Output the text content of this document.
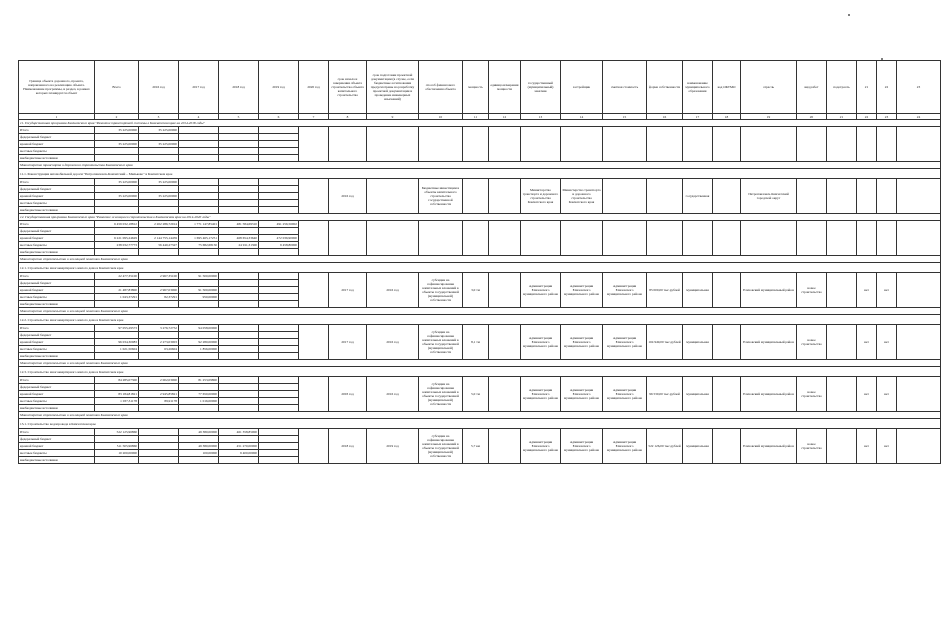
Граница объекта дорожного, проекта, направленного на реализацию объекта. Наименование программы, и раздел, в рамках которых планируется объект	Всего	2016 год	2017 год	2018 год	2019 год	2020 год	срок начала и завершения объекта строительства объекта капитального строительства	срок подготовки проектной документации (в случае, если бюджетные ассигнования предусмотрены на разработку проектной документации и проведение инженерных изысканий)	способ финансового обеспечения объекта	мощность	единица измерения мощности	государственный (муниципальный) заказчик	застройщик	сметная стоимость	форма собственности	наименование муниципального образования	код ОКТМО	отрасль	вид работ	подотрасль	21	22	23
1	2	3	4	5	6	7	8	9	10	11	12	13	14	15	16	17	18	19	20	21	22	23	24
11. Государственная программа Камчатского края "Развитие транспортной системы в Камчатском крае на 2014-2018 годы"																							
Итого	35 225,00000	35 225,00000																					
федеральный бюджет																							
краевой бюджет	35 225,00000	35 225,00000																					
местные бюджеты																							
внебюджетные источники																							
Министерство транспорта и дорожного строительства Камчатского края																							
11.1. Реконструкция автомобильной дороги "Петропавловск-Камчатский – Мильково" в Камчатском крае																							
Итого	35 225,00000	35 225,00000					2016 год		Бюджетные инвестиции в объекты капитального строительства государственной собственности			Министерство транспорта и дорожного строительства Камчатского края	Министерство транспорта и дорожного строительства Камчатского края			государственная		Петропавловск-Камчатский городской округ					
федеральный бюджет																							
краевой бюджет	35 225,00000	35 225,00000																					
местные бюджеты																							
внебюджетные источники																							
12. Государственная программа Камчатского края "Развитие жилищного строительства в Камчатском крае на 2014-2020 годы"																							
Итого	6 459 032,18812	2 202 286,72914	1 771 147,85401	481 584,69310	491 256,56902																		
федеральный бюджет																							
краевой бюджет	6 221 095,24629	2 144 755,14459	1 695 465,17251	468 654,33640	472 036,90000																		
местные бюджеты	238 032,77773	56 440,27327	75 682,68150	24 911,31300	9 458,80000																		
внебюджетные источники																							
Министерство строительства и жилищной политики Камчатского края																							
12.1. Строительство многоквартирного жилого дома в Камчатском крае																							
Итого	22 477,35100	2 967,35100	91 500,00000				2017 год	2016 год	субсидии на софинансирование капитальных вложений в объекты государственной (муниципальной) собственности	3,0 тм		Администрация Елизовского муниципального района	Администрация Елизовского муниципального района	Администрация Елизовского муниципального района	85 000,00 тыс.рублей	муниципальная		Елизовский муниципальный район	новое строительство		нет	нет	
федеральный бюджет																							
краевой бюджет	21 487,83800	2 967,03000	91 500,00000																				
местные бюджеты	1 043,37291	82,37291	950,00000																				
внебюджетные источники																							
Министерство строительства и жилищной политики Камчатского края																							
12.2. Строительство многоквартирного жилого дома в Камчатском крае																							
Итого	97 055,29573	3 276,72752	94 058,00000				2017 год	2016 год	субсидии на софинансирование капитальных вложений в объекты государственной (муниципальной) собственности	8,1 тм		Администрация Елизовского муниципального района	Администрация Елизовского муниципального района	Администрация Елизовского муниципального района	104 949,00 тыс.рублей	муниципальная		Елизовский муниципальный район	новое строительство		нет	нет	
федеральный бюджет																							
краевой бюджет	96 034,30983	2 273,03003	92 280,00000																				
местные бюджеты	1 021,50604	63,26604	1 856,00000																				
внебюджетные источники																							
Министерство строительства и жилищной политики Камчатского края																							
12.3. Строительство многоквартирного жилого дома в Камчатском крае																							
Итого	84 285,07300	2 002,03000	81 253,09800				2003 год	2016 год	субсидии на софинансирование капитальных вложений в объекты государственной (муниципальной) собственности	5,0 тм		Администрация Елизовского муниципального района	Администрация Елизовского муниципального района	Администрация Елизовского муниципального района	96 530,00 тыс.рублей	муниципальная		Елизовский муниципальный район	новое строительство		нет	нет	
федеральный бюджет																							
краевой бюджет	83 184,81821	2 945,85821	77 650,00000																				
местные бюджеты	1 037,31178	89,91178	1 016,00000																				
внебюджетные источники																							
Министерство строительства и жилищной политики Камчатского края																							
13.1. Строительство водопровода в Камчатском крае																							
Итого	522 125,96860		49 380,00000	461 358,85000			2018 год	2019 год	субсидии на софинансирование капитальных вложений в объекты государственной (муниципальной) собственности	5,7 км		Администрация Елизовского муниципального района	Администрация Елизовского муниципального района	Администрация Елизовского муниципального района	522 126,00 тыс.рублей	муниципальная		Елизовский муниципальный район	новое строительство		нет	нет	
федеральный бюджет																							
краевой бюджет	511 505,96860		49 380,00000	451 270,00000																			
местные бюджеты	10 200,00000		100,00000	9 400,00000																			
внебюджетные источники																							
